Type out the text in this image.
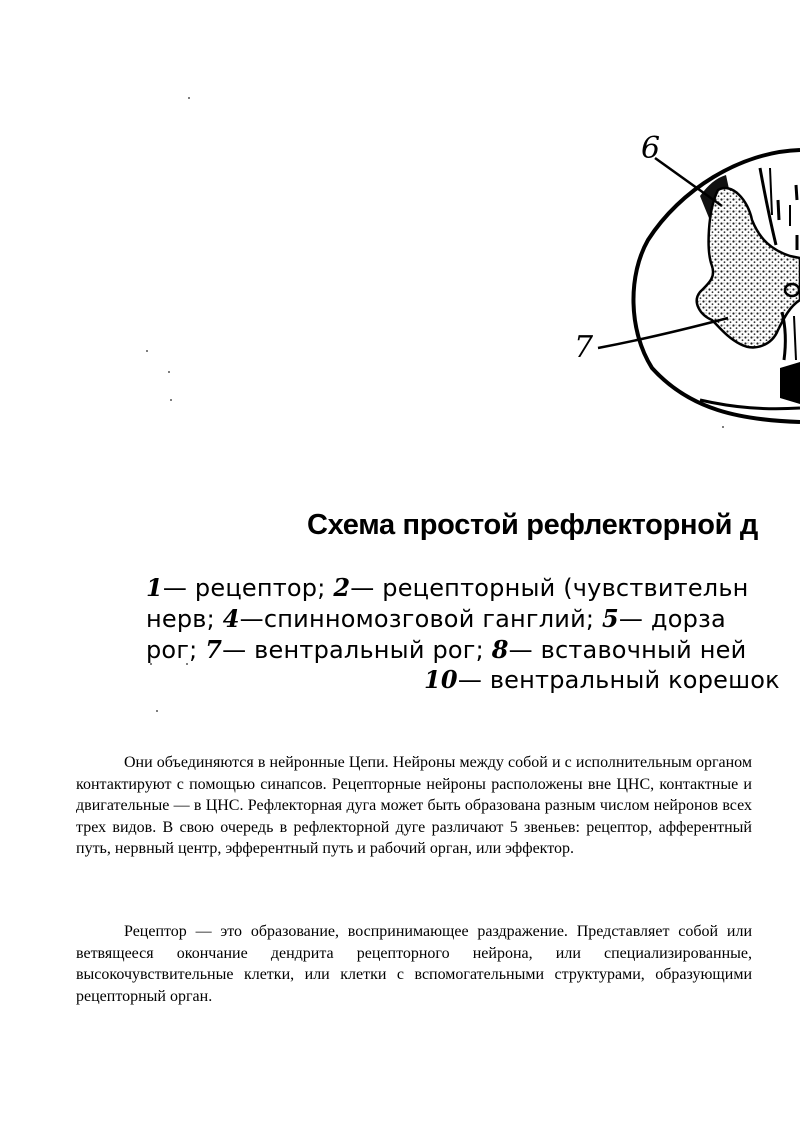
6
7
Схема простой рефлекторной д
1— рецептор; 2— рецепторный (чувствительн
нерв; 4—спинномозговой ганглий; 5— дорза
рог; 7— вентральный рог; 8— вставочный ней
10— вентральный корешок

Они объединяются в нейронные Цепи. Нейроны между собой и с исполнительным органом контактируют с помощью синапсов. Рецепторные нейроны расположены вне ЦНС, контактные и двигательные — в ЦНС. Рефлекторная дуга может быть образована разным числом нейронов всех трех видов. В свою очередь в рефлекторной дуге различают 5 звеньев: рецептор, афферентный путь, нервный центр, эфферентный путь и рабочий орган, или эффектор.

Рецептор — это образование, воспринимающее раздражение. Представляет собой или ветвящееся окончание дендрита рецепторного нейрона, или специализированные, высокочувствительные клетки, или клетки с вспомогательными структурами, образующими рецепторный орган.
